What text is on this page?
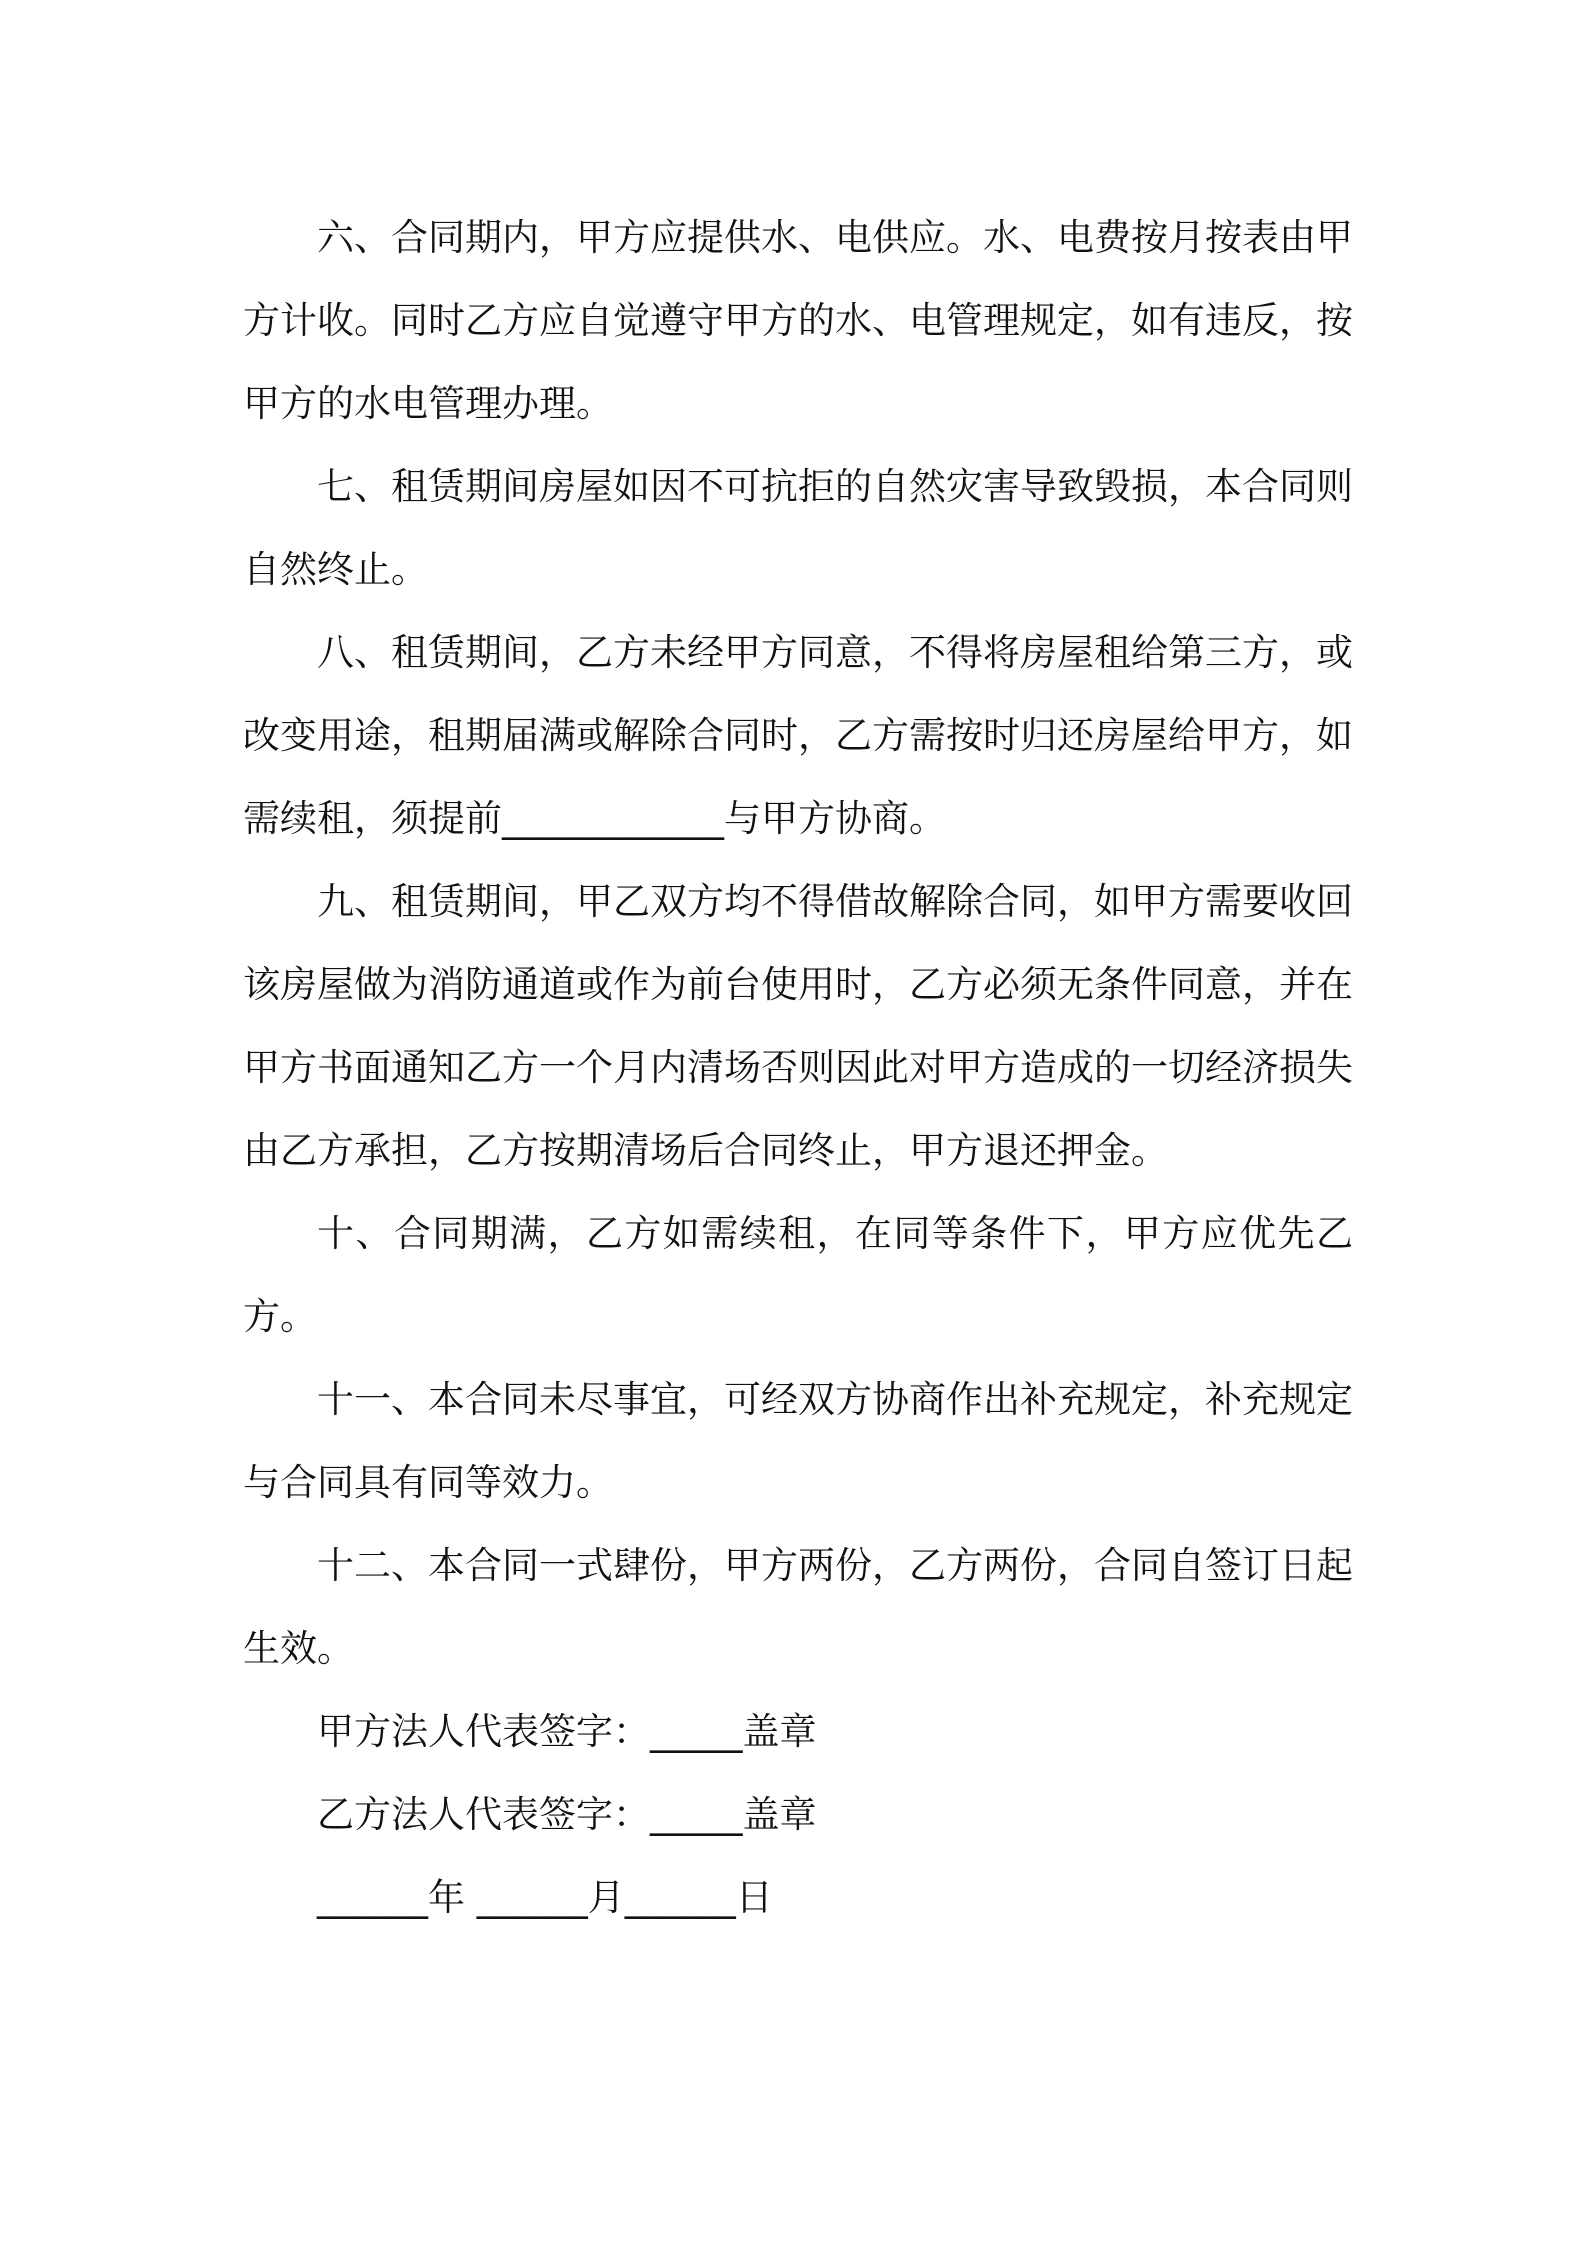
六、合同期内，甲方应提供水、电供应。水、电费按月按表由甲方计收。同时乙方应自觉遵守甲方的水、电管理规定，如有违反，按甲方的水电管理办理。

七、租赁期间房屋如因不可抗拒的自然灾害导致毁损，本合同则自然终止。

八、租赁期间，乙方未经甲方同意，不得将房屋租给第三方，或改变用途，租期届满或解除合同时，乙方需按时归还房屋给甲方，如需续租，须提前____________与甲方协商。

九、租赁期间，甲乙双方均不得借故解除合同，如甲方需要收回该房屋做为消防通道或作为前台使用时，乙方必须无条件同意，并在甲方书面通知乙方一个月内清场否则因此对甲方造成的一切经济损失由乙方承担，乙方按期清场后合同终止，甲方退还押金。

十、合同期满，乙方如需续租，在同等条件下，甲方应优先乙方。

十一、本合同未尽事宜，可经双方协商作出补充规定，补充规定与合同具有同等效力。

十二、本合同一式肆份，甲方两份，乙方两份，合同自签订日起生效。

甲方法人代表签字：_____盖章

乙方法人代表签字：_____盖章

______年 ______月______日
